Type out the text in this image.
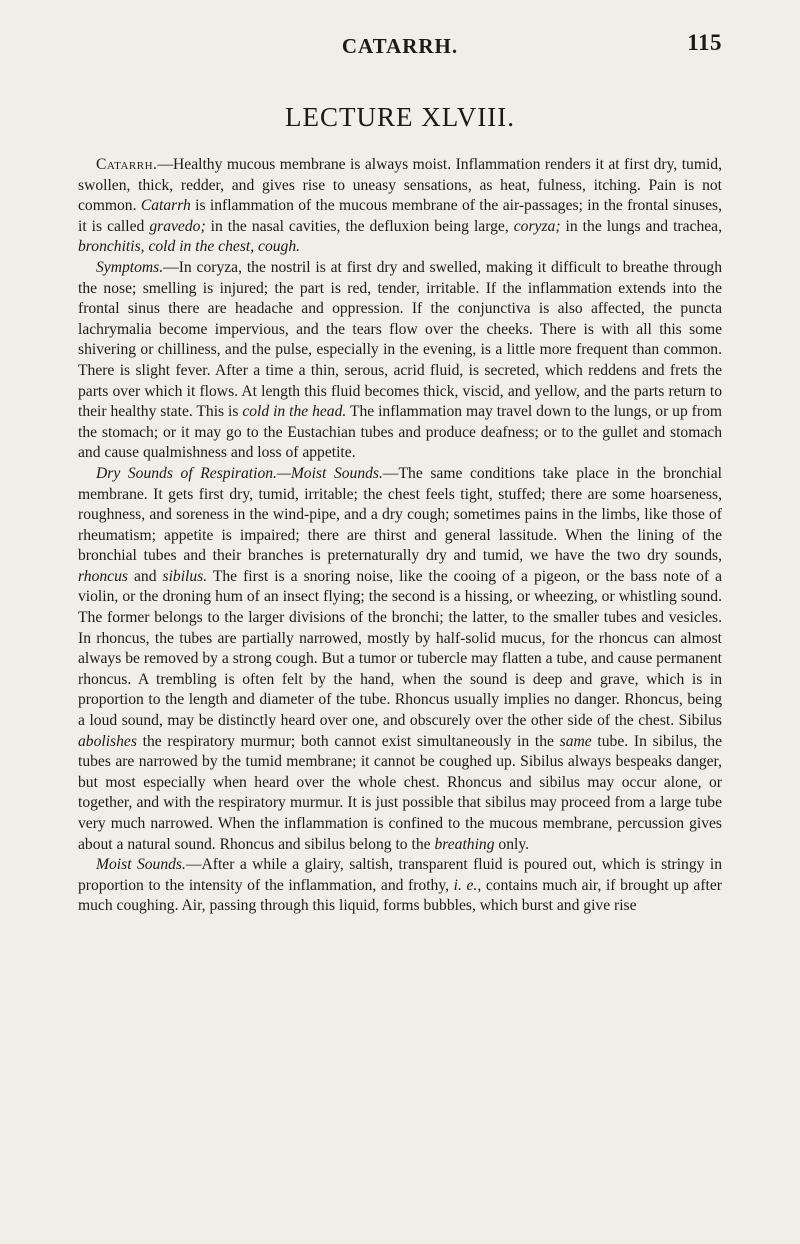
CATARRH.	115
LECTURE XLVIII.

Catarrh.—Healthy mucous membrane is always moist. Inflammation renders it at first dry, tumid, swollen, thick, redder, and gives rise to uneasy sensations, as heat, fulness, itching. Pain is not common. Catarrh is inflammation of the mucous membrane of the air-passages; in the frontal sinuses, it is called gravedo; in the nasal cavities, the defluxion being large, coryza; in the lungs and trachea, bronchitis, cold in the chest, cough.

Symptoms.—In coryza, the nostril is at first dry and swelled, making it difficult to breathe through the nose; smelling is injured; the part is red, tender, irritable. If the inflammation extends into the frontal sinus there are headache and oppression. If the conjunctiva is also affected, the puncta lachrymalia become impervious, and the tears flow over the cheeks. There is with all this some shivering or chilliness, and the pulse, especially in the evening, is a little more frequent than common. There is slight fever. After a time a thin, serous, acrid fluid, is secreted, which reddens and frets the parts over which it flows. At length this fluid becomes thick, viscid, and yellow, and the parts return to their healthy state. This is cold in the head. The inflammation may travel down to the lungs, or up from the stomach; or it may go to the Eustachian tubes and produce deafness; or to the gullet and stomach and cause qualmishness and loss of appetite.

Dry Sounds of Respiration.—Moist Sounds.—The same conditions take place in the bronchial membrane. It gets first dry, tumid, irritable; the chest feels tight, stuffed; there are some hoarseness, roughness, and soreness in the wind-pipe, and a dry cough; sometimes pains in the limbs, like those of rheumatism; appetite is impaired; there are thirst and general lassitude. When the lining of the bronchial tubes and their branches is preternaturally dry and tumid, we have the two dry sounds, rhoncus and sibilus. The first is a snoring noise, like the cooing of a pigeon, or the bass note of a violin, or the droning hum of an insect flying; the second is a hissing, or wheezing, or whistling sound. The former belongs to the larger divisions of the bronchi; the latter, to the smaller tubes and vesicles. In rhoncus, the tubes are partially narrowed, mostly by half-solid mucus, for the rhoncus can almost always be removed by a strong cough. But a tumor or tubercle may flatten a tube, and cause permanent rhoncus. A trembling is often felt by the hand, when the sound is deep and grave, which is in proportion to the length and diameter of the tube. Rhoncus usually implies no danger. Rhoncus, being a loud sound, may be distinctly heard over one, and obscurely over the other side of the chest. Sibilus abolishes the respiratory murmur; both cannot exist simultaneously in the same tube. In sibilus, the tubes are narrowed by the tumid membrane; it cannot be coughed up. Sibilus always bespeaks danger, but most especially when heard over the whole chest. Rhoncus and sibilus may occur alone, or together, and with the respiratory murmur. It is just possible that sibilus may proceed from a large tube very much narrowed. When the inflammation is confined to the mucous membrane, percussion gives about a natural sound. Rhoncus and sibilus belong to the breathing only.

Moist Sounds.—After a while a glairy, saltish, transparent fluid is poured out, which is stringy in proportion to the intensity of the inflammation, and frothy, i. e., contains much air, if brought up after much coughing. Air, passing through this liquid, forms bubbles, which burst and give rise
